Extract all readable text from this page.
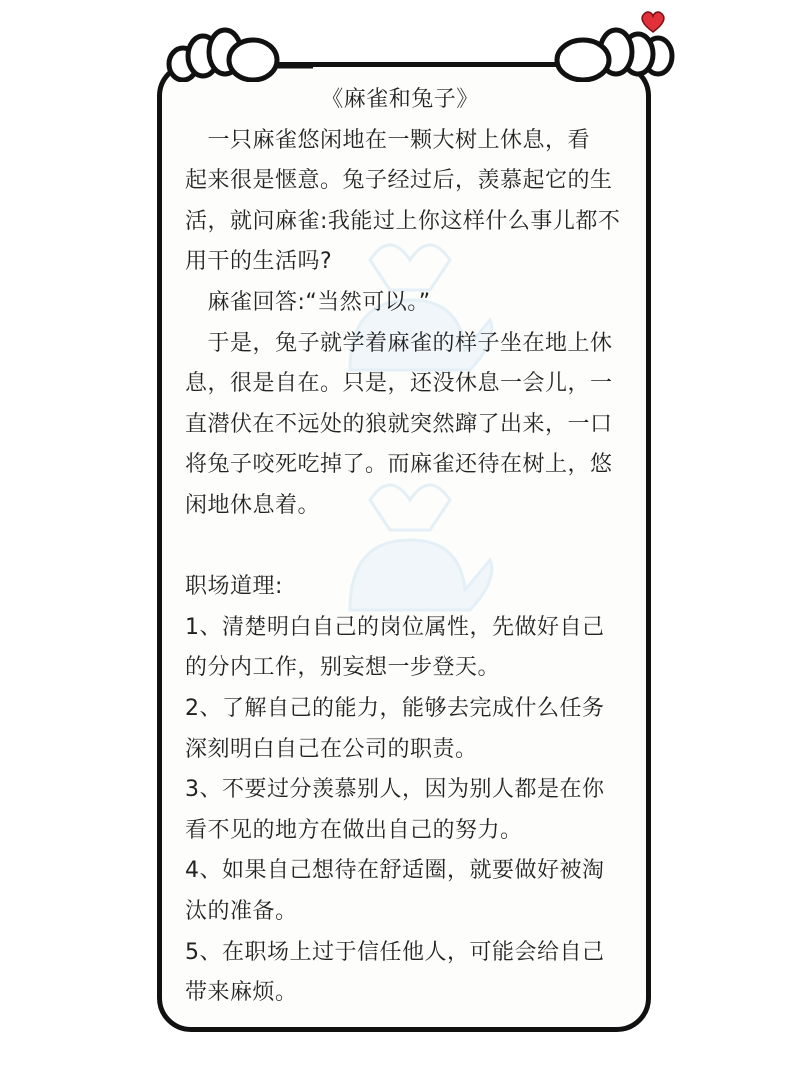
《麻雀和兔子》
　一只麻雀悠闲地在一颗大树上休息，看
起来很是惬意。兔子经过后，羡慕起它的生
活，就问麻雀:我能过上你这样什么事儿都不
用干的生活吗?
　麻雀回答:“当然可以。”
　于是，兔子就学着麻雀的样子坐在地上休
息，很是自在。只是，还没休息一会儿，一
直潜伏在不远处的狼就突然蹿了出来，一口
将兔子咬死吃掉了。而麻雀还待在树上，悠
闲地休息着。
职场道理:
1、清楚明白自己的岗位属性，先做好自己
的分内工作，别妄想一步登天。
2、了解自己的能力，能够去完成什么任务
深刻明白自己在公司的职责。
3、不要过分羡慕别人，因为别人都是在你
看不见的地方在做出自己的努力。
4、如果自己想待在舒适圈，就要做好被淘
汰的准备。
5、在职场上过于信任他人，可能会给自己
带来麻烦。
